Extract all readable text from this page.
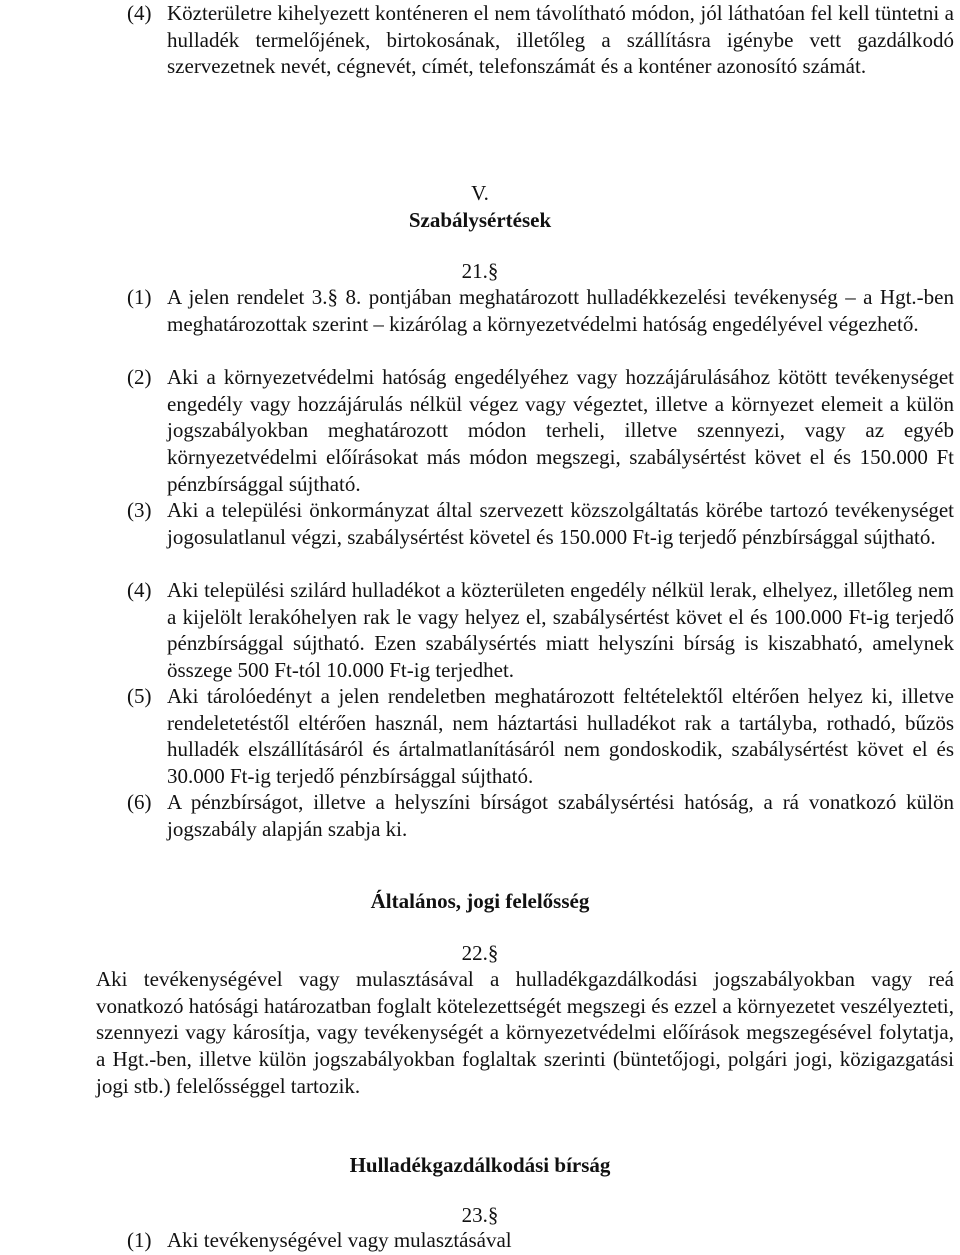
(4) Közterületre kihelyezett konténeren el nem távolítható módon, jól láthatóan fel kell tüntetni a hulladék termelőjének, birtokosának, illetőleg a szállításra igénybe vett gazdálkodó szervezetnek nevét, cégnevét, címét, telefonszámát és a konténer azonosító számát.
V.
Szabálysértések
21.§
(1) A jelen rendelet 3.§ 8. pontjában meghatározott hulladékkezelési tevékenység – a Hgt.-ben meghatározottak szerint – kizárólag a környezetvédelmi hatóság engedélyével végezhető.
(2) Aki a környezetvédelmi hatóság engedélyéhez vagy hozzájárulásához kötött tevékenységet engedély vagy hozzájárulás nélkül végez vagy végeztet, illetve a környezet elemeit a külön jogszabályokban meghatározott módon terheli, illetve szennyezi, vagy az egyéb környezetvédelmi előírásokat más módon megszegi, szabálysértést követ el és 150.000 Ft pénzbírsággal sújtható.
(3) Aki a települési önkormányzat által szervezett közszolgáltatás körébe tartozó tevékenységet jogosulatlanul végzi, szabálysértést követel és 150.000 Ft-ig terjedő pénzbírsággal sújtható.
(4) Aki települési szilárd hulladékot a közterületen engedély nélkül lerak, elhelyez, illetőleg nem a kijelölt lerakóhelyen rak le vagy helyez el, szabálysértést követ el és 100.000 Ft-ig terjedő pénzbírsággal sújtható. Ezen szabálysértés miatt helyszíni bírság is kiszabható, amelynek összege 500 Ft-tól 10.000 Ft-ig terjedhet.
(5) Aki tárolóedényt a jelen rendeletben meghatározott feltételektől eltérően helyez ki, illetve rendeletetéstől eltérően használ, nem háztartási hulladékot rak a tartályba, rothadó, bűzös hulladék elszállításáról és ártalmatlanításáról nem gondoskodik, szabálysértést követ el és 30.000 Ft-ig terjedő pénzbírsággal sújtható.
(6) A pénzbírságot, illetve a helyszíni bírságot szabálysértési hatóság, a rá vonatkozó külön jogszabály alapján szabja ki.
Általános, jogi felelősség
22.§
Aki tevékenységével vagy mulasztásával a hulladékgazdálkodási jogszabályokban vagy reá vonatkozó hatósági határozatban foglalt kötelezettségét megszegi és ezzel a környezetet veszélyezteti, szennyezi vagy károsítja, vagy tevékenységét a környezetvédelmi előírások megszegésével folytatja, a Hgt.-ben, illetve külön jogszabályokban foglaltak szerinti (büntetőjogi, polgári jogi, közigazgatási jogi stb.) felelősséggel tartozik.
Hulladékgazdálkodási bírság
23.§
(1) Aki tevékenységével vagy mulasztásával
